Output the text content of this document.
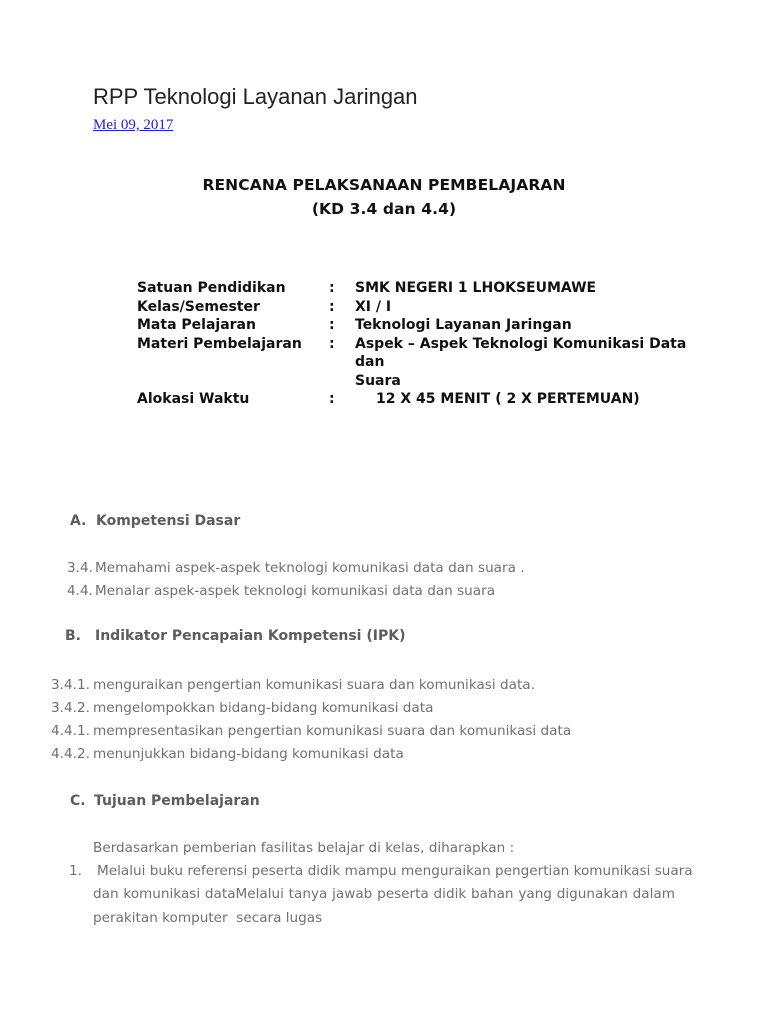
RPP Teknologi Layanan Jaringan
Mei 09, 2017
RENCANA PELAKSANAAN PEMBELAJARAN
(KD 3.4 dan 4.4)
Satuan Pendidikan	:	SMK NEGERI 1 LHOKSEUMAWE
Kelas/Semester	:	XI / I
Mata Pelajaran	:	Teknologi Layanan Jaringan
Materi Pembelajaran	:	Aspek – Aspek Teknologi Komunikasi Data dan
Suara
Alokasi Waktu	:	12 X 45 MENIT ( 2 X PERTEMUAN)
A. Kompetensi Dasar
3.4. Memahami aspek-aspek teknologi komunikasi data dan suara .
4.4. Menalar aspek-aspek teknologi komunikasi data dan suara
B. Indikator Pencapaian Kompetensi (IPK)
3.4.1. menguraikan pengertian komunikasi suara dan komunikasi data.
3.4.2. mengelompokkan bidang-bidang komunikasi data
4.4.1. mempresentasikan pengertian komunikasi suara dan komunikasi data
4.4.2. menunjukkan bidang-bidang komunikasi data
C. Tujuan Pembelajaran
Berdasarkan pemberian fasilitas belajar di kelas, diharapkan :
1. Melalui buku referensi peserta didik mampu menguraikan pengertian komunikasi suara
dan komunikasi dataMelalui tanya jawab peserta didik bahan yang digunakan dalam
perakitan komputer  secara lugas
